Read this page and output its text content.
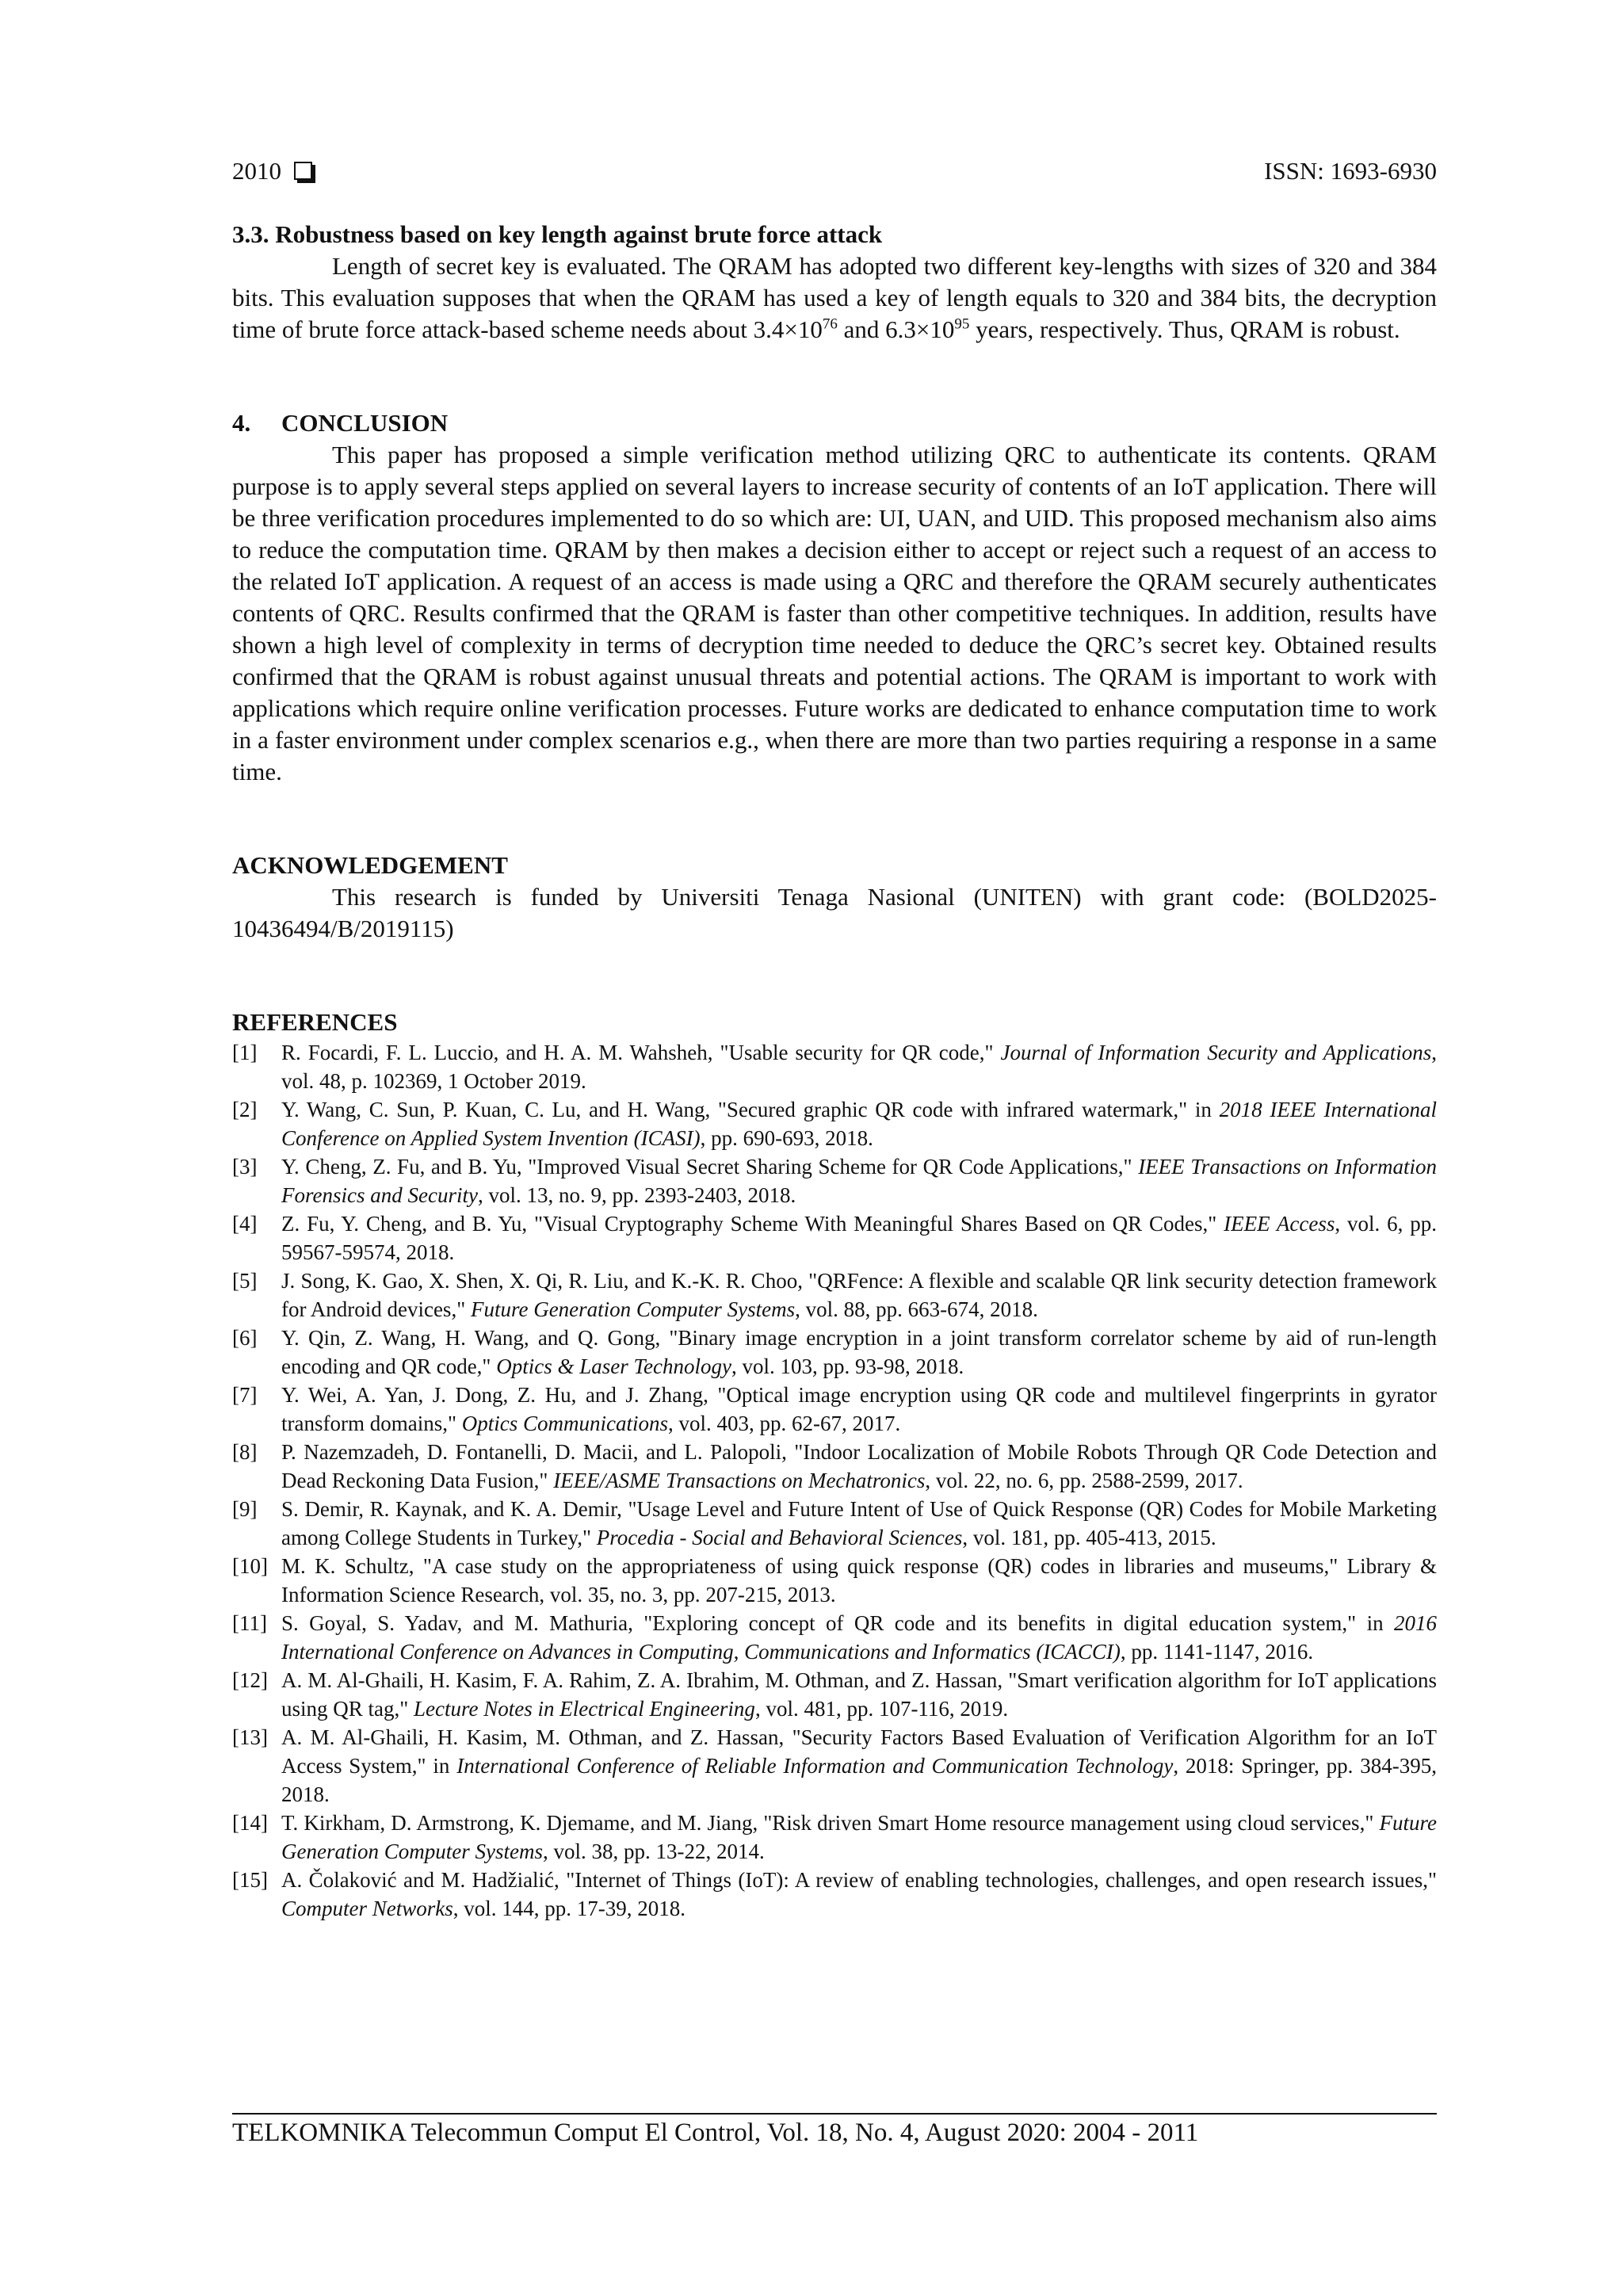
2010	ISSN: 1693-6930

3.3. Robustness based on key length against brute force attack

Length of secret key is evaluated. The QRAM has adopted two different key-lengths with sizes of 320 and 384 bits. This evaluation supposes that when the QRAM has used a key of length equals to 320 and 384 bits, the decryption time of brute force attack-based scheme needs about $3.4\times 10^{76}$ and $6.3\times 10^{95}$ years, respectively. Thus, QRAM is robust.

4.     CONCLUSION

This paper has proposed a simple verification method utilizing QRC to authenticate its contents. QRAM purpose is to apply several steps applied on several layers to increase security of contents of an IoT application. There will be three verification procedures implemented to do so which are: UI, UAN, and UID. This proposed mechanism also aims to reduce the computation time. QRAM by then makes a decision either to accept or reject such a request of an access to the related IoT application. A request of an access is made using a QRC and therefore the QRAM securely authenticates contents of QRC. Results confirmed that the QRAM is faster than other competitive techniques. In addition, results have shown a high level of complexity in terms of decryption time needed to deduce the QRC’s secret key. Obtained results confirmed that the QRAM is robust against unusual threats and potential actions. The QRAM is important to work with applications which require online verification processes. Future works are dedicated to enhance computation time to work in a faster environment under complex scenarios e.g., when there are more than two parties requiring a response in a same time.

ACKNOWLEDGEMENT

This research is funded by Universiti Tenaga Nasional (UNITEN) with grant code: (BOLD2025-10436494/B/2019115)

REFERENCES

[1] R. Focardi, F. L. Luccio, and H. A. M. Wahsheh, "Usable security for QR code," Journal of Information Security and Applications, vol. 48, p. 102369, 1 October 2019.
[2] Y. Wang, C. Sun, P. Kuan, C. Lu, and H. Wang, "Secured graphic QR code with infrared watermark," in 2018 IEEE International Conference on Applied System Invention (ICASI), pp. 690-693, 2018.
[3] Y. Cheng, Z. Fu, and B. Yu, "Improved Visual Secret Sharing Scheme for QR Code Applications," IEEE Transactions on Information Forensics and Security, vol. 13, no. 9, pp. 2393-2403, 2018.
[4] Z. Fu, Y. Cheng, and B. Yu, "Visual Cryptography Scheme With Meaningful Shares Based on QR Codes," IEEE Access, vol. 6, pp. 59567-59574, 2018.
[5] J. Song, K. Gao, X. Shen, X. Qi, R. Liu, and K.-K. R. Choo, "QRFence: A flexible and scalable QR link security detection framework for Android devices," Future Generation Computer Systems, vol. 88, pp. 663-674, 2018.
[6] Y. Qin, Z. Wang, H. Wang, and Q. Gong, "Binary image encryption in a joint transform correlator scheme by aid of run-length encoding and QR code," Optics & Laser Technology, vol. 103, pp. 93-98, 2018.
[7] Y. Wei, A. Yan, J. Dong, Z. Hu, and J. Zhang, "Optical image encryption using QR code and multilevel fingerprints in gyrator transform domains," Optics Communications, vol. 403, pp. 62-67, 2017.
[8] P. Nazemzadeh, D. Fontanelli, D. Macii, and L. Palopoli, "Indoor Localization of Mobile Robots Through QR Code Detection and Dead Reckoning Data Fusion," IEEE/ASME Transactions on Mechatronics, vol. 22, no. 6, pp. 2588-2599, 2017.
[9] S. Demir, R. Kaynak, and K. A. Demir, "Usage Level and Future Intent of Use of Quick Response (QR) Codes for Mobile Marketing among College Students in Turkey," Procedia - Social and Behavioral Sciences, vol. 181, pp. 405-413, 2015.
[10] M. K. Schultz, "A case study on the appropriateness of using quick response (QR) codes in libraries and museums," Library & Information Science Research, vol. 35, no. 3, pp. 207-215, 2013.
[11] S. Goyal, S. Yadav, and M. Mathuria, "Exploring concept of QR code and its benefits in digital education system," in 2016 International Conference on Advances in Computing, Communications and Informatics (ICACCI), pp. 1141-1147, 2016.
[12] A. M. Al-Ghaili, H. Kasim, F. A. Rahim, Z. A. Ibrahim, M. Othman, and Z. Hassan, "Smart verification algorithm for IoT applications using QR tag," Lecture Notes in Electrical Engineering, vol. 481, pp. 107-116, 2019.
[13] A. M. Al-Ghaili, H. Kasim, M. Othman, and Z. Hassan, "Security Factors Based Evaluation of Verification Algorithm for an IoT Access System," in International Conference of Reliable Information and Communication Technology, 2018: Springer, pp. 384-395, 2018.
[14] T. Kirkham, D. Armstrong, K. Djemame, and M. Jiang, "Risk driven Smart Home resource management using cloud services," Future Generation Computer Systems, vol. 38, pp. 13-22, 2014.
[15] A. Čolaković and M. Hadžialić, "Internet of Things (IoT): A review of enabling technologies, challenges, and open research issues," Computer Networks, vol. 144, pp. 17-39, 2018.
TELKOMNIKA Telecommun Comput El Control, Vol. 18, No. 4, August 2020: 2004 - 2011
